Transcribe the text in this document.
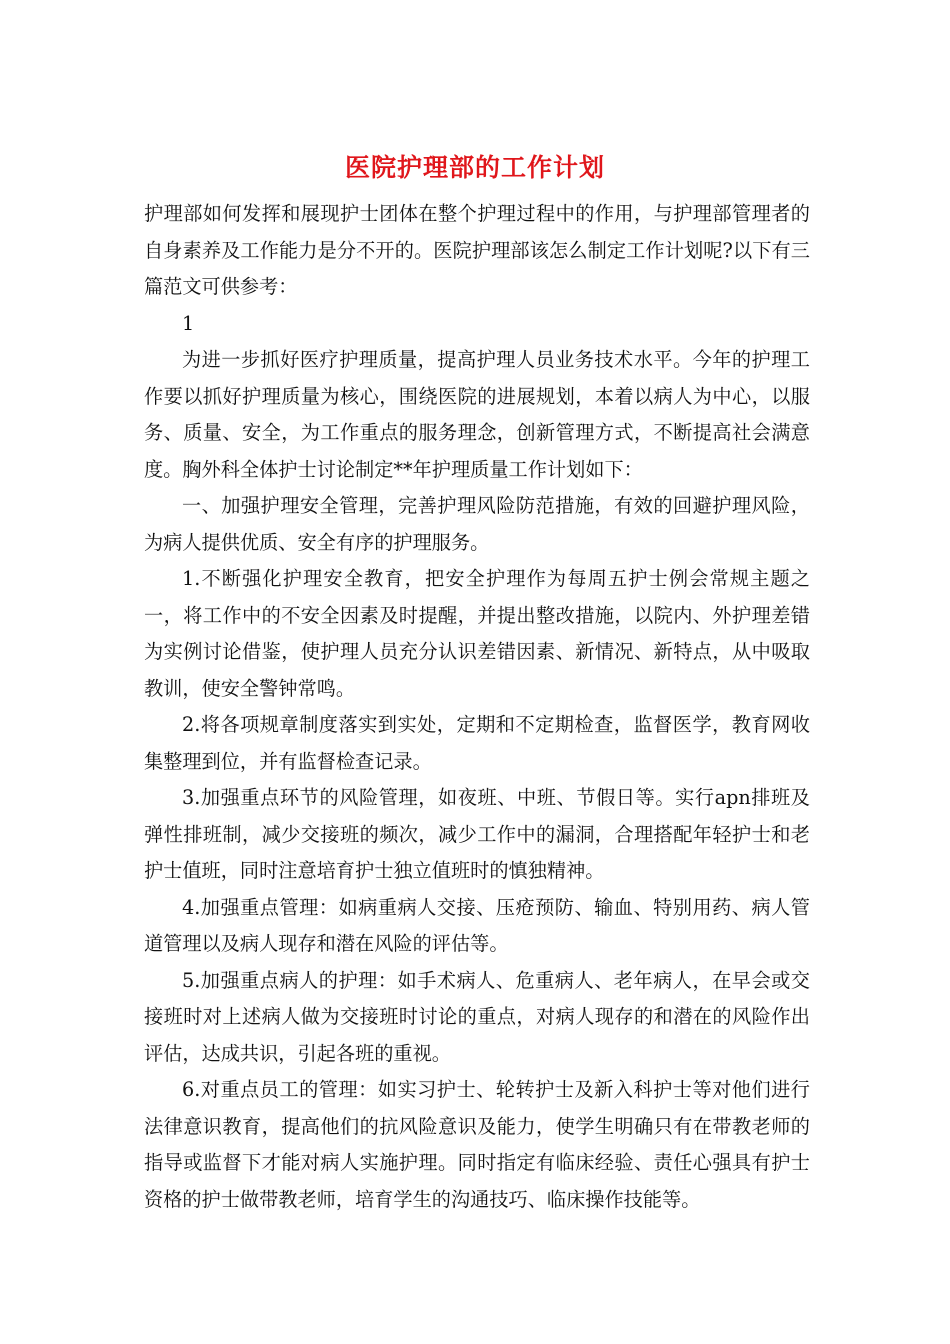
医院护理部的工作计划

护理部如何发挥和展现护士团体在整个护理过程中的作用，与护理部管理者的自身素养及工作能力是分不开的。医院护理部该怎么制定工作计划呢?以下有三篇范文可供参考：

1

为进一步抓好医疗护理质量，提高护理人员业务技术水平。今年的护理工作要以抓好护理质量为核心，围绕医院的进展规划，本着以病人为中心，以服务、质量、安全，为工作重点的服务理念，创新管理方式，不断提高社会满意度。胸外科全体护士讨论制定**年护理质量工作计划如下：

一、加强护理安全管理，完善护理风险防范措施，有效的回避护理风险，为病人提供优质、安全有序的护理服务。

1.不断强化护理安全教育，把安全护理作为每周五护士例会常规主题之一，将工作中的不安全因素及时提醒，并提出整改措施，以院内、外护理差错为实例讨论借鉴，使护理人员充分认识差错因素、新情况、新特点，从中吸取教训，使安全警钟常鸣。

2.将各项规章制度落实到实处，定期和不定期检查，监督医学，教育网收集整理到位，并有监督检查记录。

3.加强重点环节的风险管理，如夜班、中班、节假日等。实行apn排班及弹性排班制，减少交接班的频次，减少工作中的漏洞，合理搭配年轻护士和老护士值班，同时注意培育护士独立值班时的慎独精神。

4.加强重点管理：如病重病人交接、压疮预防、输血、特别用药、病人管道管理以及病人现存和潜在风险的评估等。

5.加强重点病人的护理：如手术病人、危重病人、老年病人，在早会或交接班时对上述病人做为交接班时讨论的重点，对病人现存的和潜在的风险作出评估，达成共识，引起各班的重视。

6.对重点员工的管理：如实习护士、轮转护士及新入科护士等对他们进行法律意识教育，提高他们的抗风险意识及能力，使学生明确只有在带教老师的指导或监督下才能对病人实施护理。同时指定有临床经验、责任心强具有护士资格的护士做带教老师，培育学生的沟通技巧、临床操作技能等。
